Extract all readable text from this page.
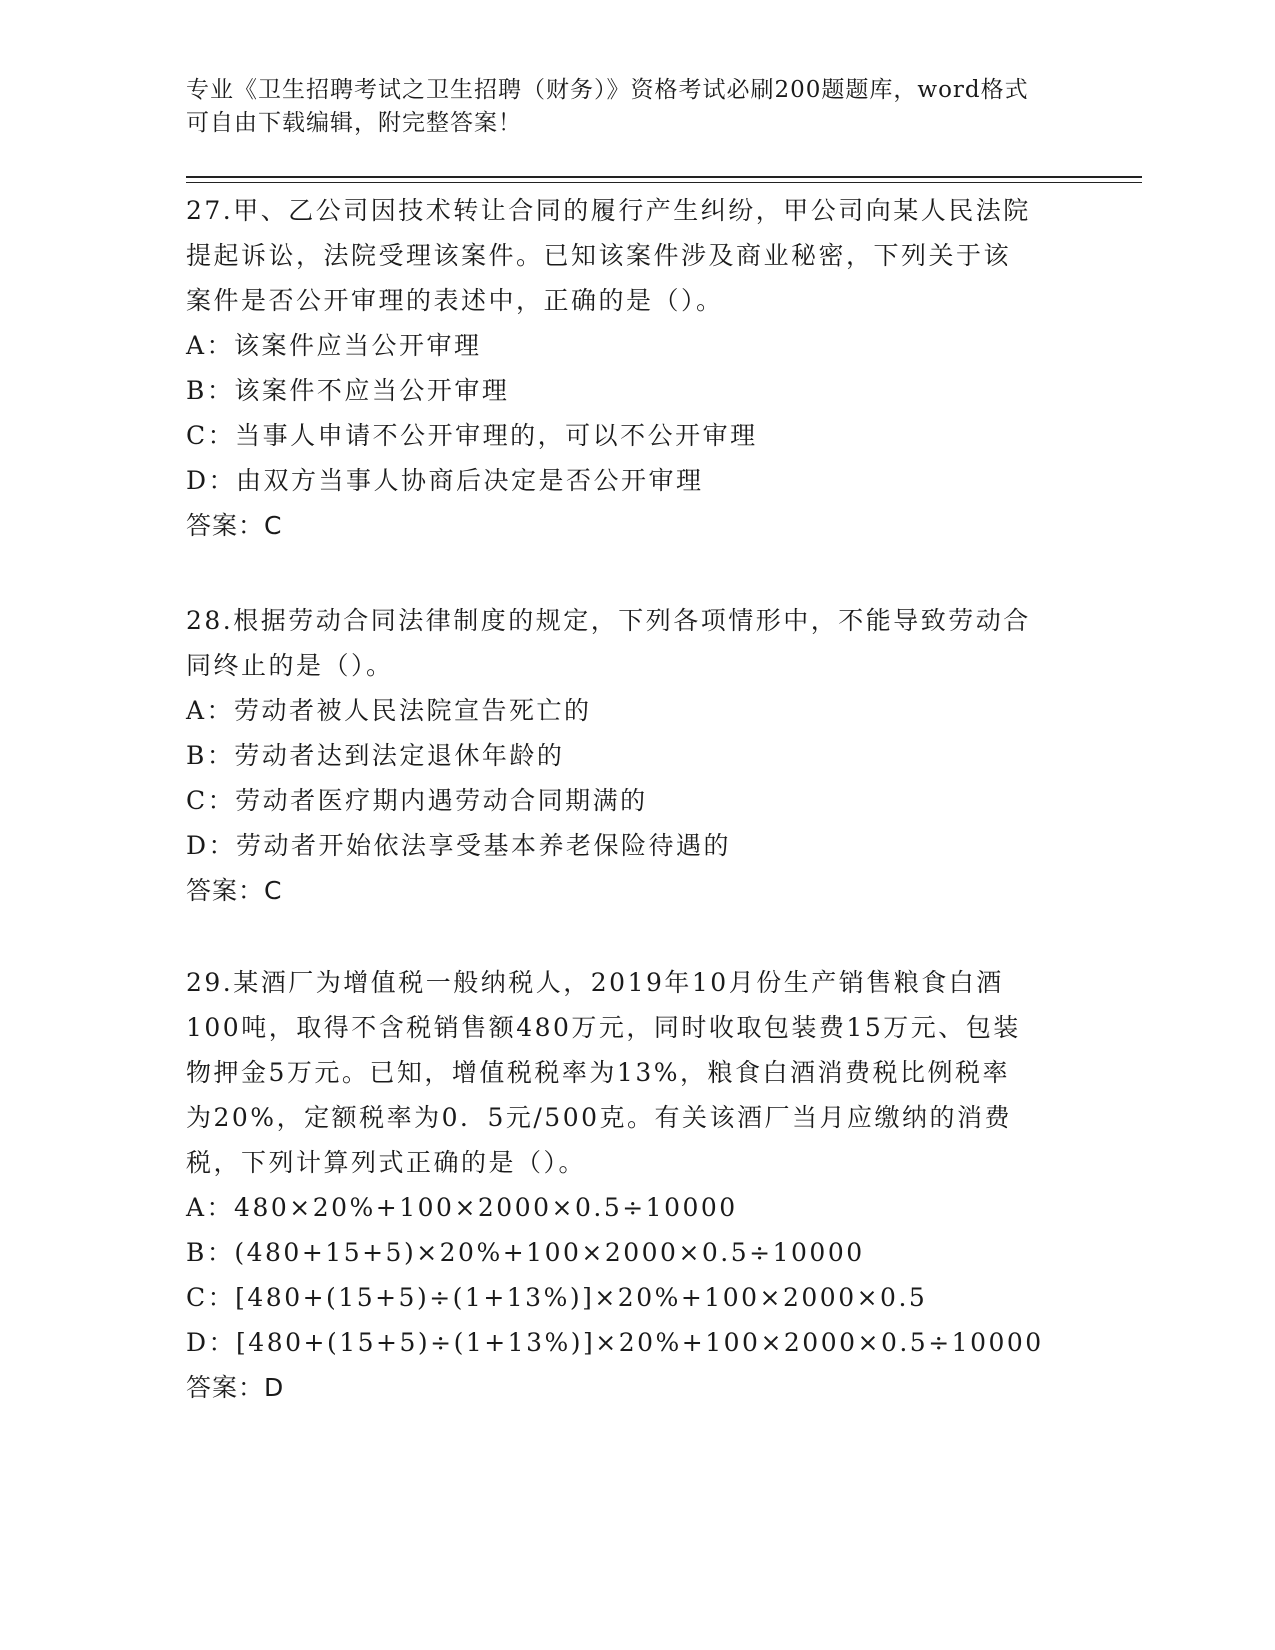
专业《卫生招聘考试之卫生招聘（财务）》资格考试必刷200题题库，word格式
可自由下载编辑，附完整答案！

27.甲、乙公司因技术转让合同的履行产生纠纷，甲公司向某人民法院

提起诉讼，法院受理该案件。已知该案件涉及商业秘密，下列关于该

案件是否公开审理的表述中，正确的是（）。

A：该案件应当公开审理

B：该案件不应当公开审理

C：当事人申请不公开审理的，可以不公开审理

D：由双方当事人协商后决定是否公开审理

答案：C

28.根据劳动合同法律制度的规定，下列各项情形中，不能导致劳动合

同终止的是（）。

A：劳动者被人民法院宣告死亡的

B：劳动者达到法定退休年龄的

C：劳动者医疗期内遇劳动合同期满的

D：劳动者开始依法享受基本养老保险待遇的

答案：C

29.某酒厂为增值税一般纳税人，2019年10月份生产销售粮食白酒

100吨，取得不含税销售额480万元，同时收取包装费15万元、包装

物押金5万元。已知，增值税税率为13%，粮食白酒消费税比例税率

为20%，定额税率为0．5元/500克。有关该酒厂当月应缴纳的消费

税，下列计算列式正确的是（）。

A：480×20%+100×2000×0.5÷10000

B：(480+15+5)×20%+100×2000×0.5÷10000

C：[480+(15+5)÷(1+13%)]×20%+100×2000×0.5

D：[480+(15+5)÷(1+13%)]×20%+100×2000×0.5÷10000

答案：D
